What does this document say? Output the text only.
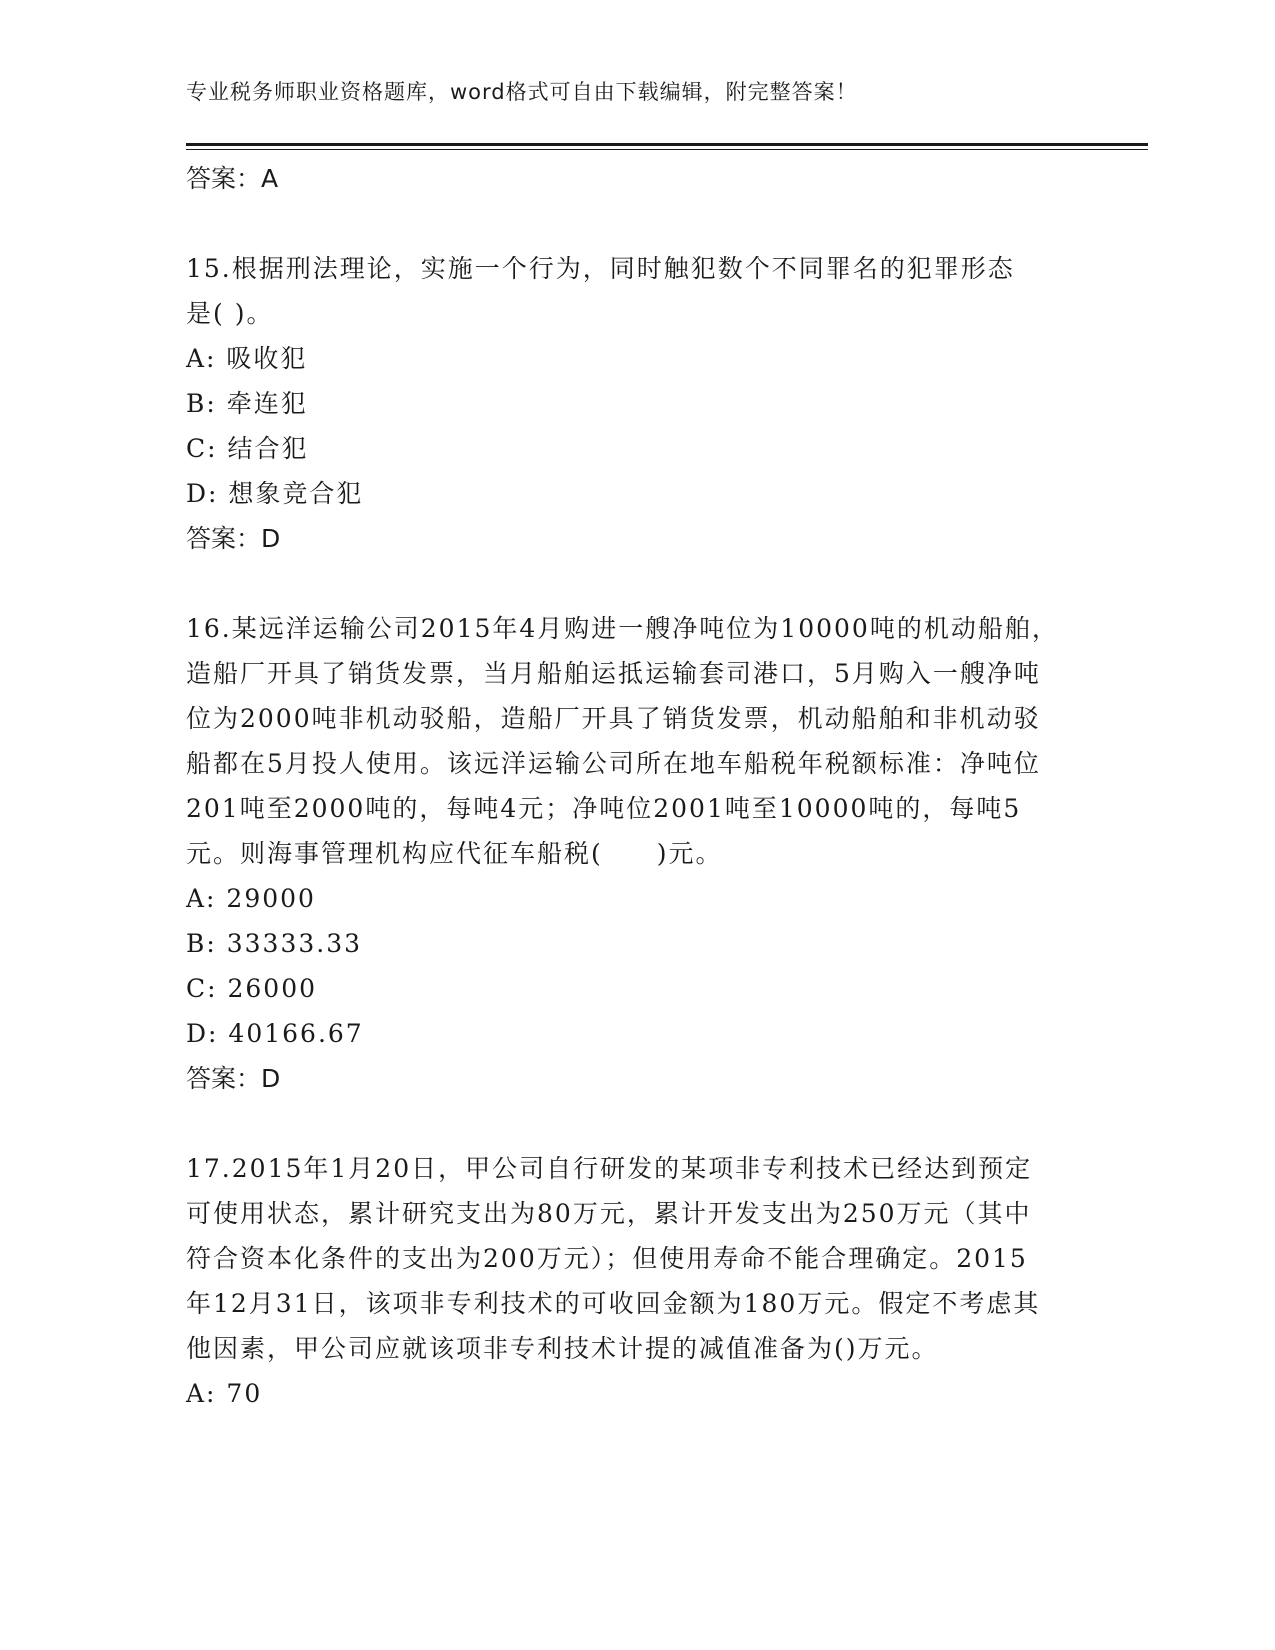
专业税务师职业资格题库，word格式可自由下载编辑，附完整答案！
答案：A

15.根据刑法理论，实施一个行为，同时触犯数个不同罪名的犯罪形态是( )。

A: 吸收犯
B: 牵连犯
C: 结合犯
D: 想象竞合犯
答案：D

16.某远洋运输公司2015年4月购进一艘净吨位为10000吨的机动船舶，造船厂开具了销货发票，当月船舶运抵运输套司港口，5月购入一艘净吨位为2000吨非机动驳船，造船厂开具了销货发票，机动船舶和非机动驳船都在5月投人使用。该远洋运输公司所在地车船税年税额标准：净吨位201吨至2000吨的，每吨4元；净吨位2001吨至10000吨的，每吨5元。则海事管理机构应代征车船税(　　)元。

A: 29000
B: 33333.33
C: 26000
D: 40166.67
答案：D

17.2015年1月20日，甲公司自行研发的某项非专利技术已经达到预定可使用状态，累计研究支出为80万元，累计开发支出为250万元（其中符合资本化条件的支出为200万元）；但使用寿命不能合理确定。2015年12月31日，该项非专利技术的可收回金额为180万元。假定不考虑其他因素，甲公司应就该项非专利技术计提的减值准备为()万元。

A: 70
